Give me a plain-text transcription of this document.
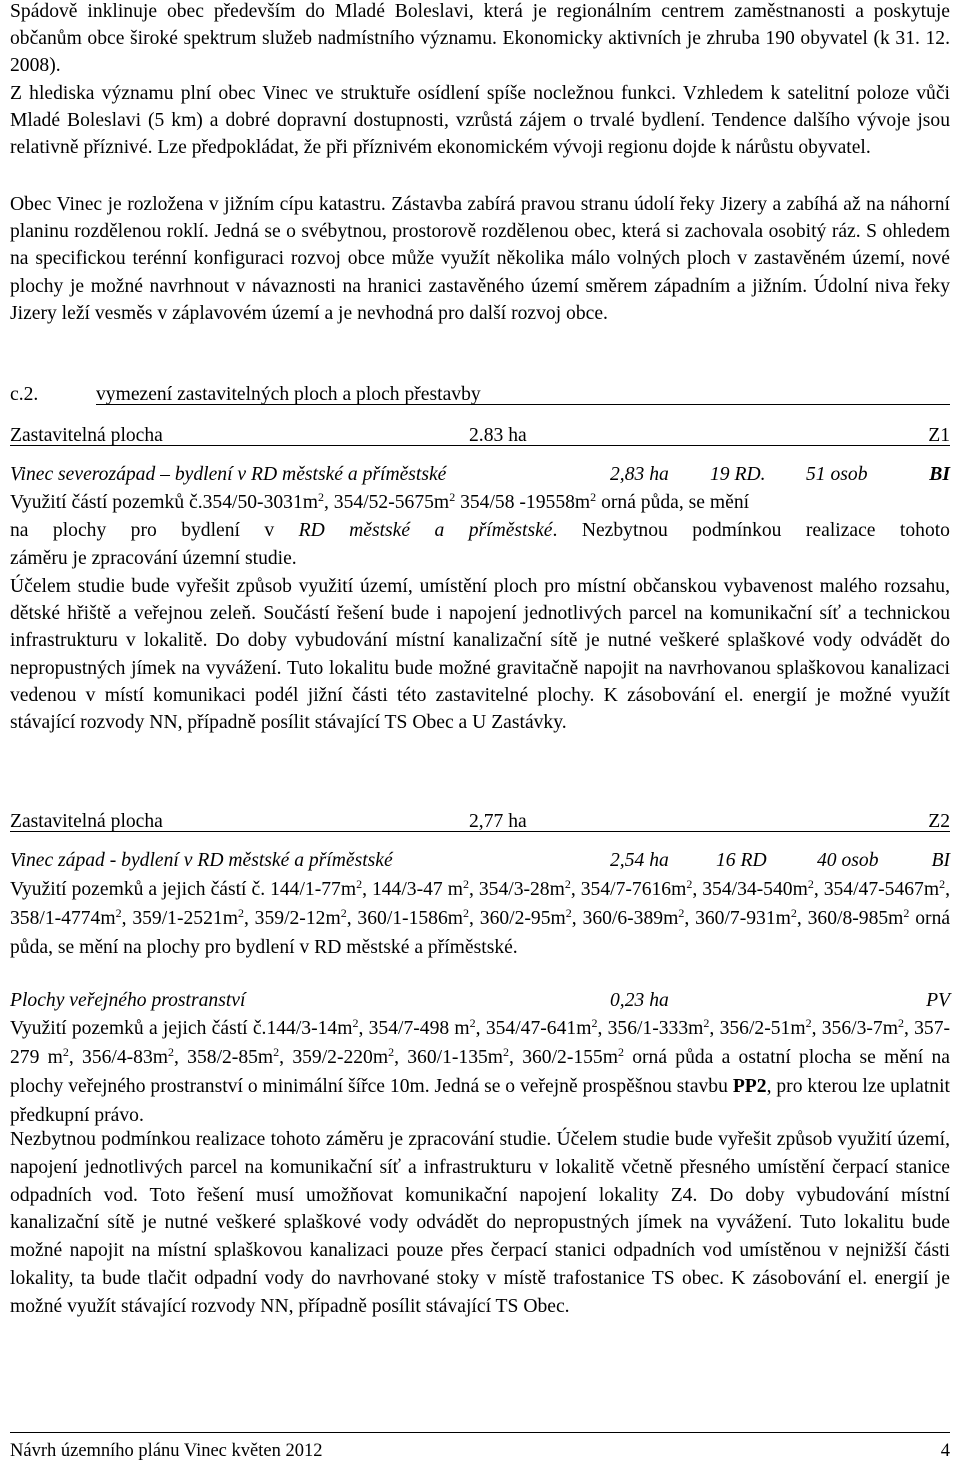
Spádově inklinuje obec především do Mladé Boleslavi, která je regionálním centrem zaměstnanosti a poskytuje občanům obce široké spektrum služeb nadmístního významu. Ekonomicky aktivních je zhruba 190 obyvatel (k 31. 12. 2008).

Z hlediska významu plní obec Vinec ve struktuře osídlení spíše nocležnou funkci. Vzhledem k satelitní poloze vůči Mladé Boleslavi (5 km) a dobré dopravní dostupnosti, vzrůstá zájem o trvalé bydlení. Tendence dalšího vývoje jsou relativně příznivé. Lze předpokládat, že při příznivém ekonomickém vývoji regionu dojde k nárůstu obyvatel.

Obec Vinec je rozložena v jižním cípu katastru. Zástavba zabírá pravou stranu údolí řeky Jizery a zabíhá až na náhorní planinu rozdělenou roklí. Jedná se o svébytnou, prostorově rozdělenou obec, která si zachovala osobitý ráz. S ohledem na specifickou terénní konfiguraci rozvoj obce může využít několika málo volných ploch v zastavěném území, nové plochy je možné navrhnout v návaznosti na hranici zastavěného území směrem západním a jižním. Údolní niva řeky Jizery leží vesměs v záplavovém území a je nevhodná pro další rozvoj obce.

c.2.	vymezení zastavitelných ploch a ploch přestavby
Zastavitelná plocha	2.83 ha	Z1
Vinec severozápad – bydlení v RD městské a příměstské	2,83 ha 19 RD. 51 osob	BI
Využití částí pozemků $č.354/50-3031m^2$, $354/52-5675m^2$ 354/58 $-19558m^2$ orná půda, se mění

na plochy pro bydlení v RD městské a příměstské. Nezbytnou podmínkou realizace tohoto

záměru je zpracování územní studie.

Účelem studie bude vyřešit způsob využití území, umístění ploch pro místní občanskou vybavenost malého rozsahu, dětské hřiště a veřejnou zeleň. Součástí řešení bude i napojení jednotlivých parcel na komunikační síť a technickou infrastrukturu v lokalitě. Do doby vybudování místní kanalizační sítě je nutné veškeré splaškové vody odvádět do nepropustných jímek na vyvážení. Tuto lokalitu bude možné gravitačně napojit na navrhovanou splaškovou kanalizaci vedenou v místí komunikaci podél jižní části této zastavitelné plochy. K zásobování el. energií je možné využít stávající rozvody NN, případně posílit stávající TS Obec a U Zastávky.

Zastavitelná plocha	2,77 ha	Z2
Vinec západ - bydlení v RD městské a příměstské	2,54 ha 16 RD	40 osob	BI

Využití pozemků a jejich částí č. $144/1-77m^2$, 144/3-47 $m^2$, $354/3-28m^2$, $354/7-7616m^2$, $354/34-540m^2$, $354/47-5467m^2$, $358/1-4774m^2$, $359/1-2521m^2$, $359/2-12m^2$, $360/1-1586m^2$, $360/2-95m^2$, $360/6-389m^2$, $360/7-931m^2$, $360/8-985m^2$ orná půda, se mění na plochy pro bydlení v RD městské a příměstské.

Plochy veřejného prostranství	0,23 ha	PV

Využití pozemků a jejich částí $č.144/3-14m^2$, 354/7-498 $m^2$, $354/47-641m^2$, $356/1-333m^2$, $356/2-51m^2$, $356/3-7m^2$, 357-279 $m^2$, $356/4-83m^2$, $358/2-85m^2$, $359/2-220m^2$, $360/1-135m^2$, $360/2-155m^2$ orná půda a ostatní plocha se mění na plochy veřejného prostranství o minimální šířce 10m. Jedná se o veřejně prospěšnou stavbu PP2, pro kterou lze uplatnit předkupní právo.

Nezbytnou podmínkou realizace tohoto záměru je zpracování studie. Účelem studie bude vyřešit způsob využití území, napojení jednotlivých parcel na komunikační síť a infrastrukturu v lokalitě včetně přesného umístění čerpací stanice odpadních vod. Toto řešení musí umožňovat komunikační napojení lokality Z4. Do doby vybudování místní kanalizační sítě je nutné veškeré splaškové vody odvádět do nepropustných jímek na vyvážení. Tuto lokalitu bude možné napojit na místní splaškovou kanalizaci pouze přes čerpací stanici odpadních vod umístěnou v nejnižší části lokality, ta bude tlačit odpadní vody do navrhované stoky v místě trafostanice TS obec. K zásobování el. energií je možné využít stávající rozvody NN, případně posílit stávající TS Obec.

Návrh územního plánu Vinec květen 2012	4
